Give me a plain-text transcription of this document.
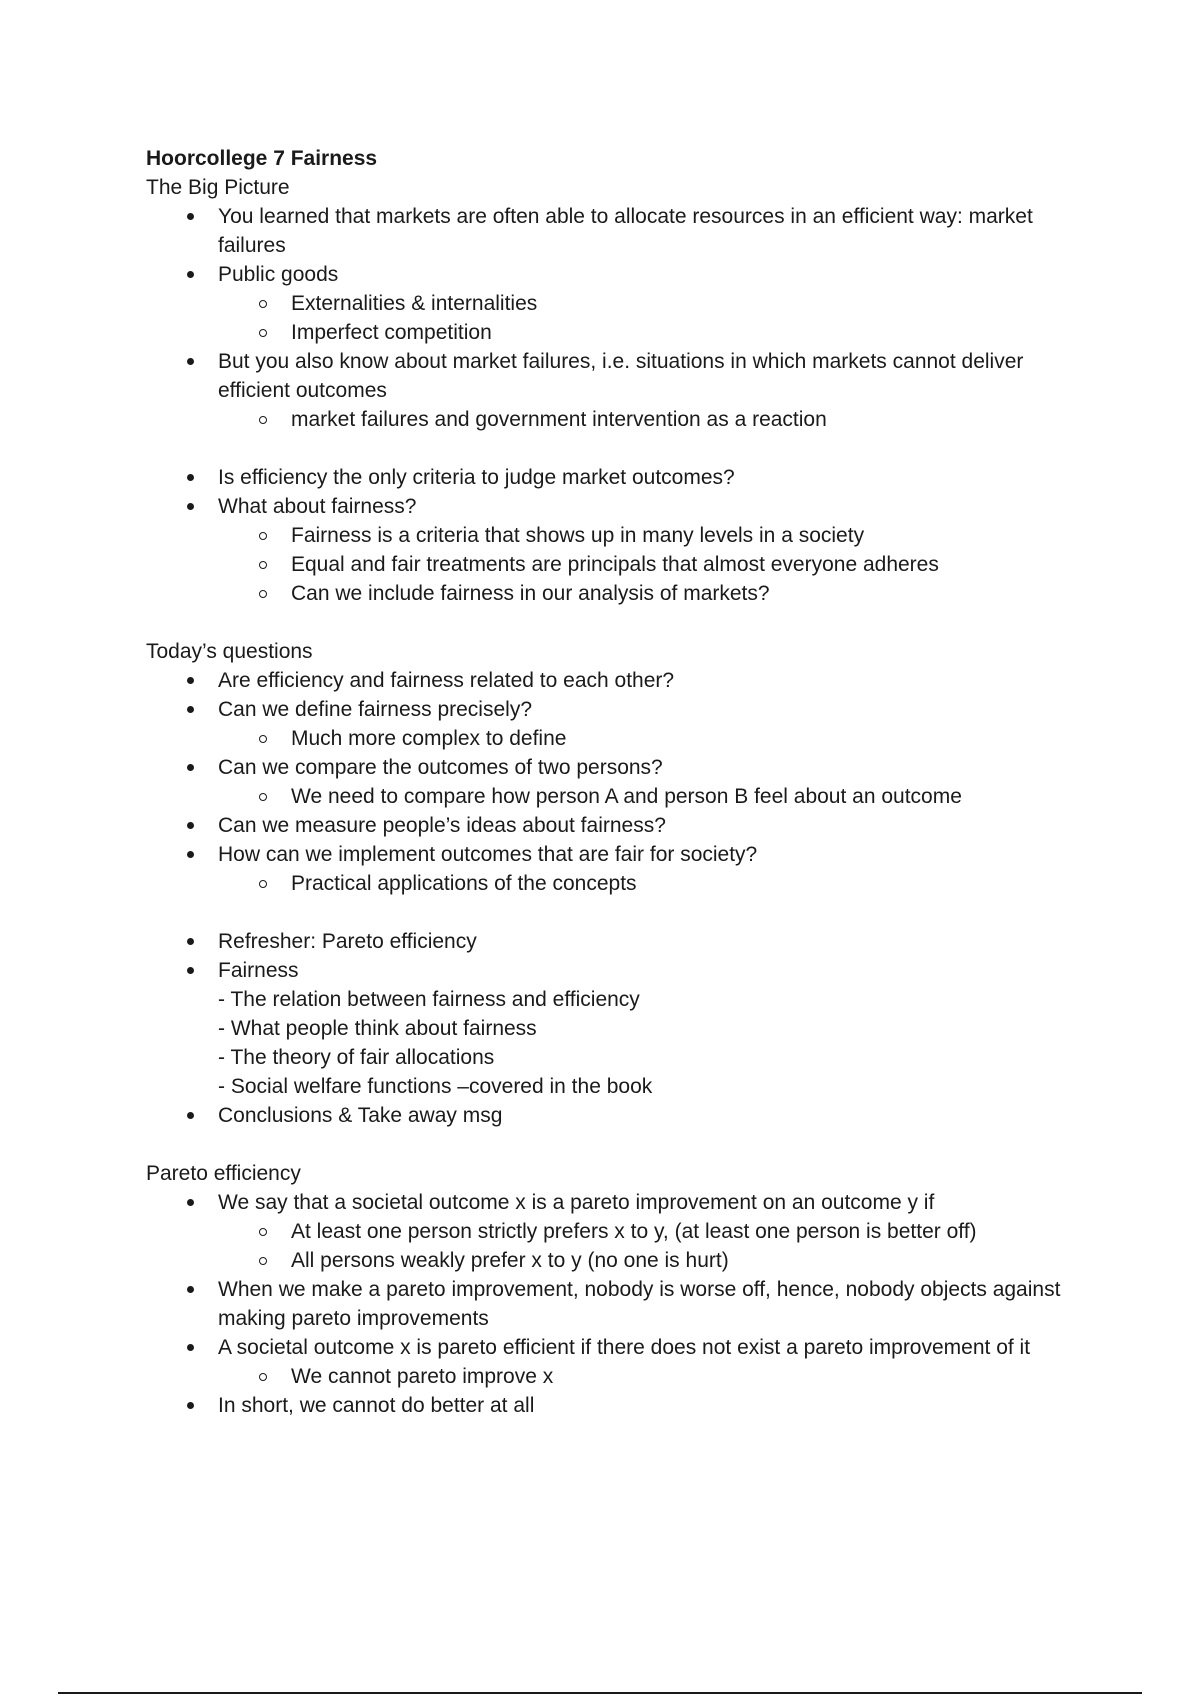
Hoorcollege 7 Fairness

The Big Picture

You learned that markets are often able to allocate resources in an efficient way: market failures
Public goods
Externalities & internalities
Imperfect competition
But you also know about market failures, i.e. situations in which markets cannot deliver efficient outcomes
market failures and government intervention as a reaction
Is efficiency the only criteria to judge market outcomes?
What about fairness?
Fairness is a criteria that shows up in many levels in a society
Equal and fair treatments are principals that almost everyone adheres
Can we include fairness in our analysis of markets?

Today’s questions

Are efficiency and fairness related to each other?
Can we define fairness precisely?
Much more complex to define
Can we compare the outcomes of two persons?
We need to compare how person A and person B feel about an outcome
Can we measure people’s ideas about fairness?
How can we implement outcomes that are fair for society?
Practical applications of the concepts
Refresher: Pareto efficiency
Fairness
- The relation between fairness and efficiency
- What people think about fairness
- The theory of fair allocations
- Social welfare functions –covered in the book
Conclusions & Take away msg

Pareto efficiency

We say that a societal outcome x is a pareto improvement on an outcome y if
At least one person strictly prefers x to y, (at least one person is better off)
All persons weakly prefer x to y (no one is hurt)
When we make a pareto improvement, nobody is worse off, hence, nobody objects against making pareto improvements
A societal outcome x is pareto efficient if there does not exist a pareto improvement of it
We cannot pareto improve x
In short, we cannot do better at all
